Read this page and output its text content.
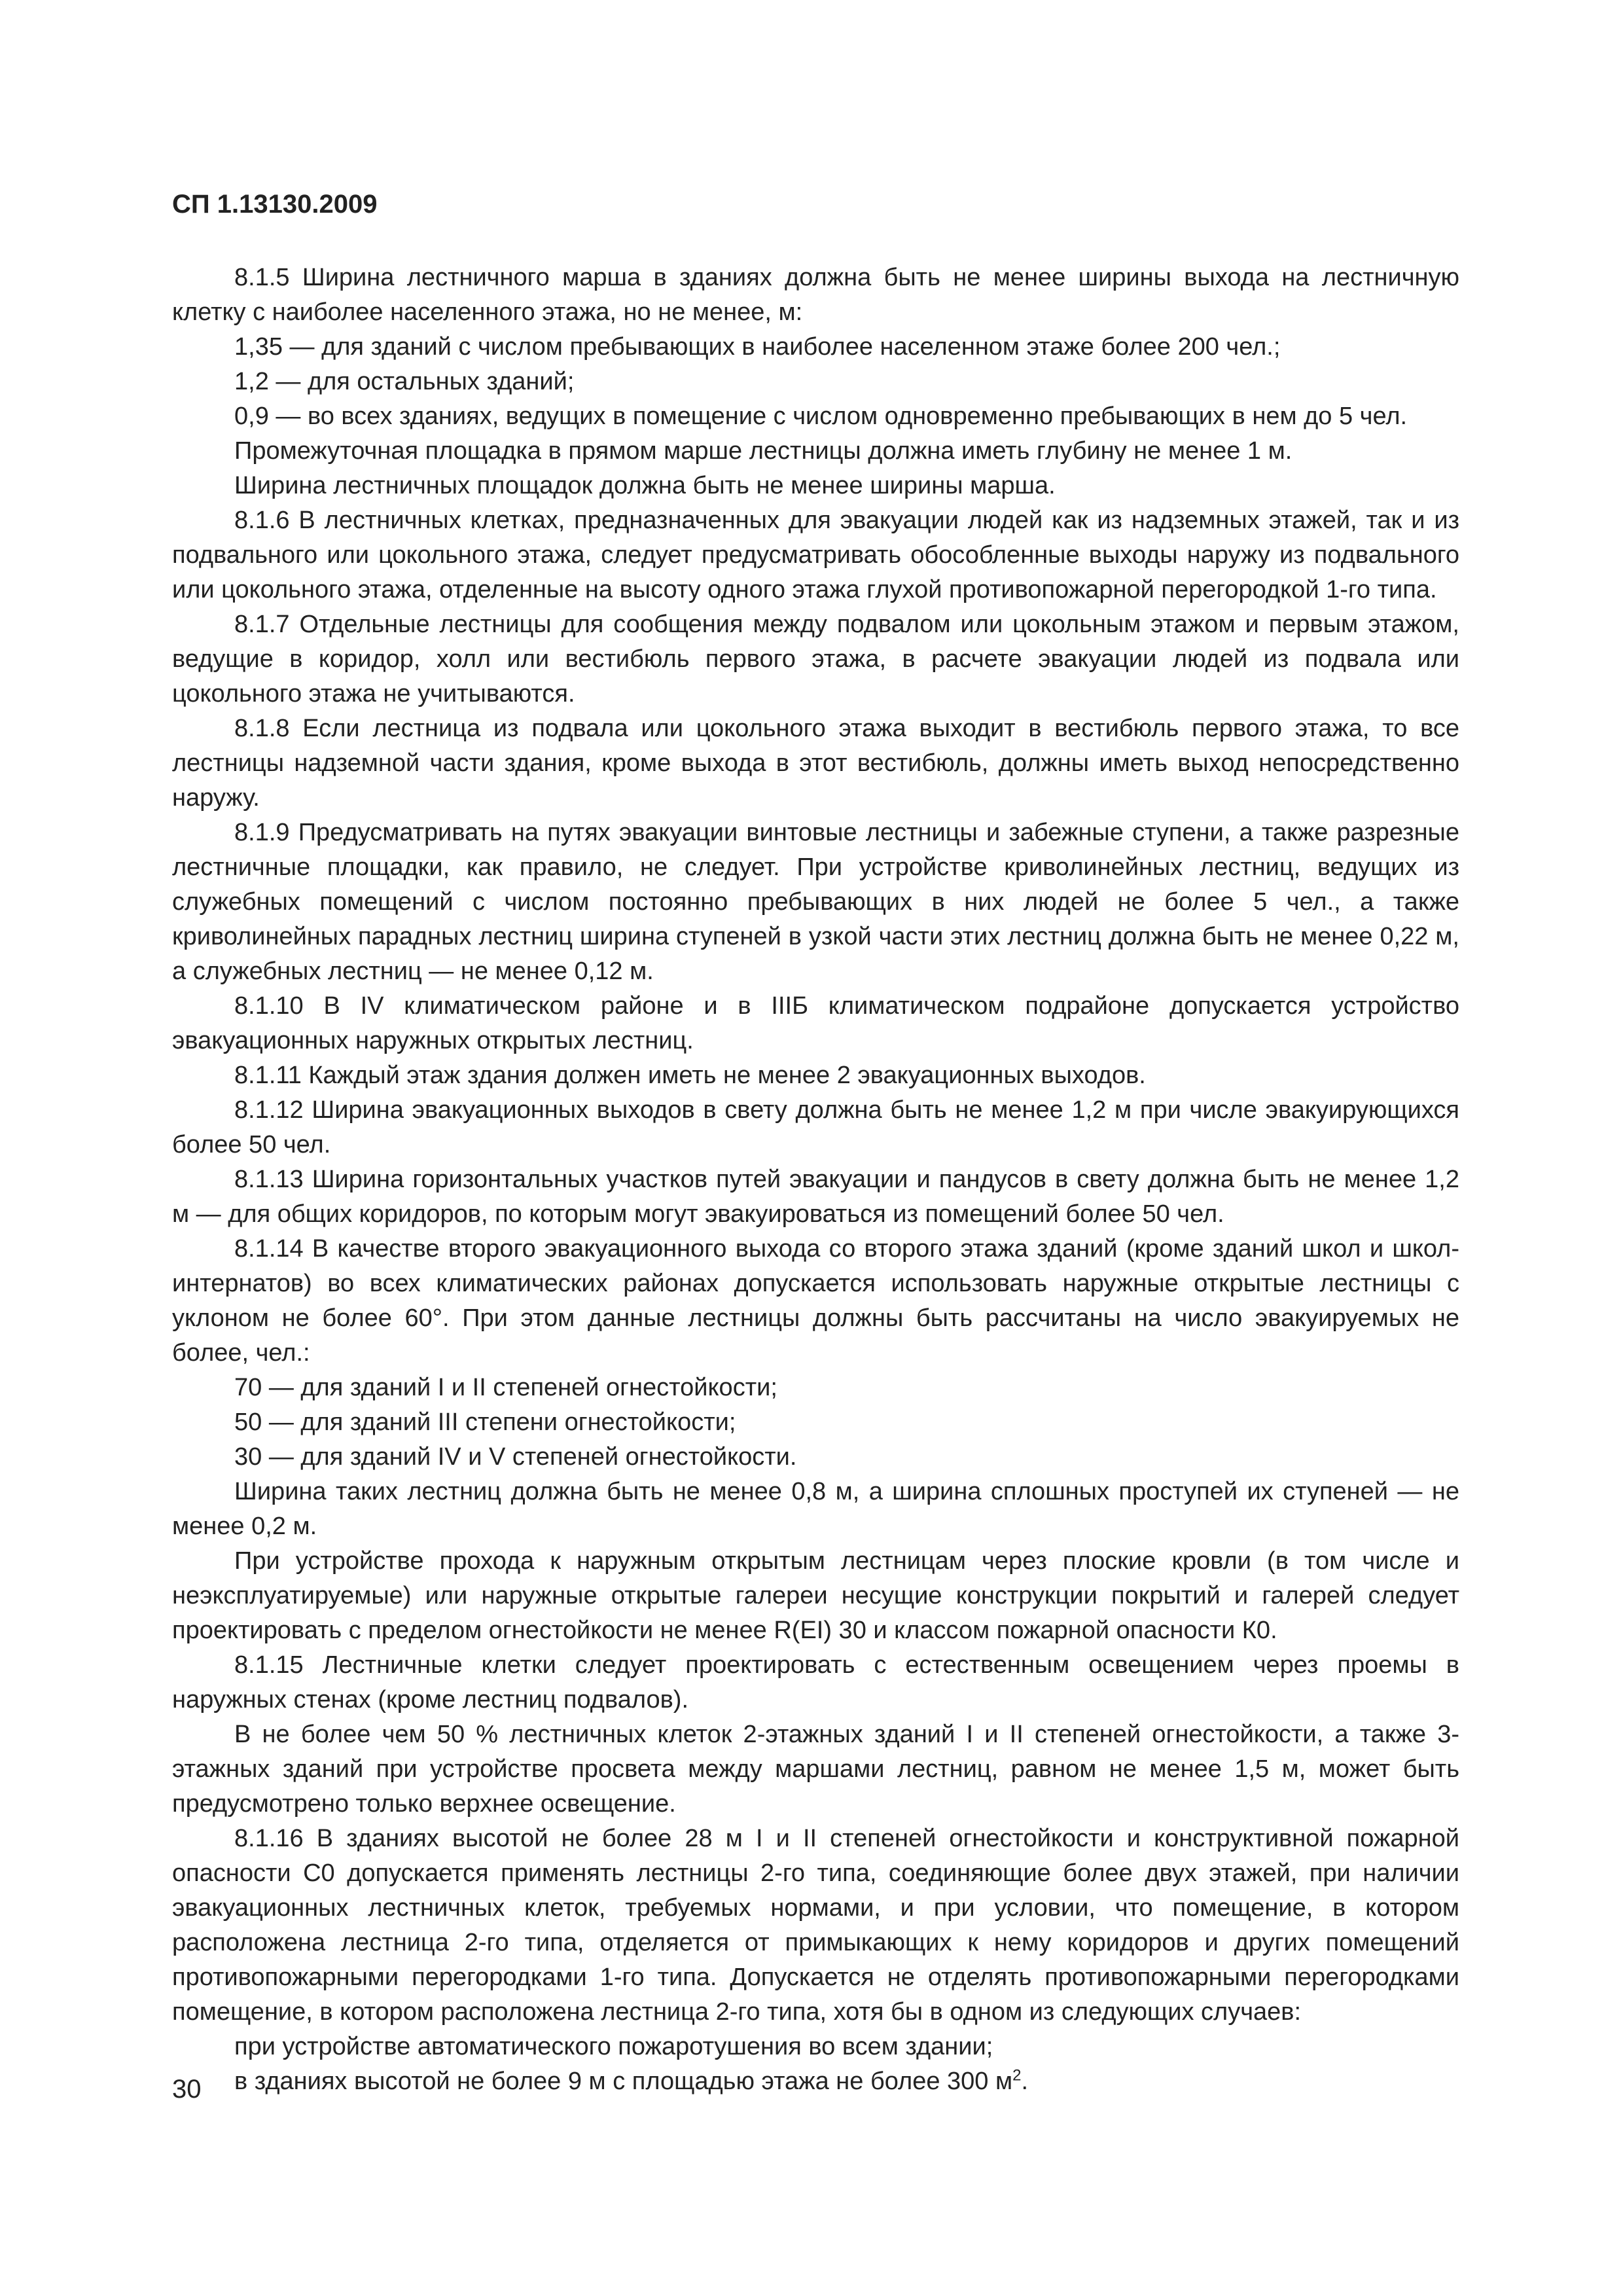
СП 1.13130.2009

8.1.5 Ширина лестничного марша в зданиях должна быть не менее ширины выхода на лестничную клетку с наиболее населенного этажа, но не менее, м:

1,35 — для зданий с числом пребывающих в наиболее населенном этаже более 200 чел.;

1,2 — для остальных зданий;

0,9 — во всех зданиях, ведущих в помещение с числом одновременно пребывающих в нем до 5 чел.

Промежуточная площадка в прямом марше лестницы должна иметь глубину не менее 1 м.

Ширина лестничных площадок должна быть не менее ширины марша.

8.1.6 В лестничных клетках, предназначенных для эвакуации людей как из надземных этажей, так и из подвального или цокольного этажа, следует предусматривать обособленные выходы наружу из подвального или цокольного этажа, отделенные на высоту одного этажа глухой противопожарной перегородкой 1-го типа.

8.1.7 Отдельные лестницы для сообщения между подвалом или цокольным этажом и первым этажом, ведущие в коридор, холл или вестибюль первого этажа, в расчете эвакуации людей из подвала или цокольного этажа не учитываются.

8.1.8 Если лестница из подвала или цокольного этажа выходит в вестибюль первого этажа, то все лестницы надземной части здания, кроме выхода в этот вестибюль, должны иметь выход непосредственно наружу.

8.1.9 Предусматривать на путях эвакуации винтовые лестницы и забежные ступени, а также разрезные лестничные площадки, как правило, не следует. При устройстве криволинейных лестниц, ведущих из служебных помещений с числом постоянно пребывающих в них людей не более 5 чел., а также криволинейных парадных лестниц ширина ступеней в узкой части этих лестниц должна быть не менее 0,22 м, а служебных лестниц — не менее 0,12 м.

8.1.10 В IV климатическом районе и в IIIБ климатическом подрайоне допускается устройство эвакуационных наружных открытых лестниц.

8.1.11 Каждый этаж здания должен иметь не менее 2 эвакуационных выходов.

8.1.12 Ширина эвакуационных выходов в свету должна быть не менее 1,2 м при числе эвакуирующихся более 50 чел.

8.1.13 Ширина горизонтальных участков путей эвакуации и пандусов в свету должна быть не менее 1,2 м — для общих коридоров, по которым могут эвакуироваться из помещений более 50 чел.

8.1.14 В качестве второго эвакуационного выхода со второго этажа зданий (кроме зданий школ и школ-интернатов) во всех климатических районах допускается использовать наружные открытые лестницы с уклоном не более 60°. При этом данные лестницы должны быть рассчитаны на число эвакуируемых не более, чел.:

70 — для зданий I и II степеней огнестойкости;

50 — для зданий III степени огнестойкости;

30 — для зданий IV и V степеней огнестойкости.

Ширина таких лестниц должна быть не менее 0,8 м, а ширина сплошных проступей их ступеней — не менее 0,2 м.

При устройстве прохода к наружным открытым лестницам через плоские кровли (в том числе и неэксплуатируемые) или наружные открытые галереи несущие конструкции покрытий и галерей следует проектировать с пределом огнестойкости не менее R(EI) 30 и классом пожарной опасности К0.

8.1.15 Лестничные клетки следует проектировать с естественным освещением через проемы в наружных стенах (кроме лестниц подвалов).

В не более чем 50 % лестничных клеток 2-этажных зданий I и II степеней огнестойкости, а также 3-этажных зданий при устройстве просвета между маршами лестниц, равном не менее 1,5 м, может быть предусмотрено только верхнее освещение.

8.1.16 В зданиях высотой не более 28 м I и II степеней огнестойкости и конструктивной пожарной опасности С0 допускается применять лестницы 2-го типа, соединяющие более двух этажей, при наличии эвакуационных лестничных клеток, требуемых нормами, и при условии, что помещение, в котором расположена лестница 2-го типа, отделяется от примыкающих к нему коридоров и других помещений противопожарными перегородками 1-го типа. Допускается не отделять противопожарными перегородками помещение, в котором расположена лестница 2-го типа, хотя бы в одном из следующих случаев:

при устройстве автоматического пожаротушения во всем здании;

в зданиях высотой не более 9 м с площадью этажа не более 300 $м^2$.

30
